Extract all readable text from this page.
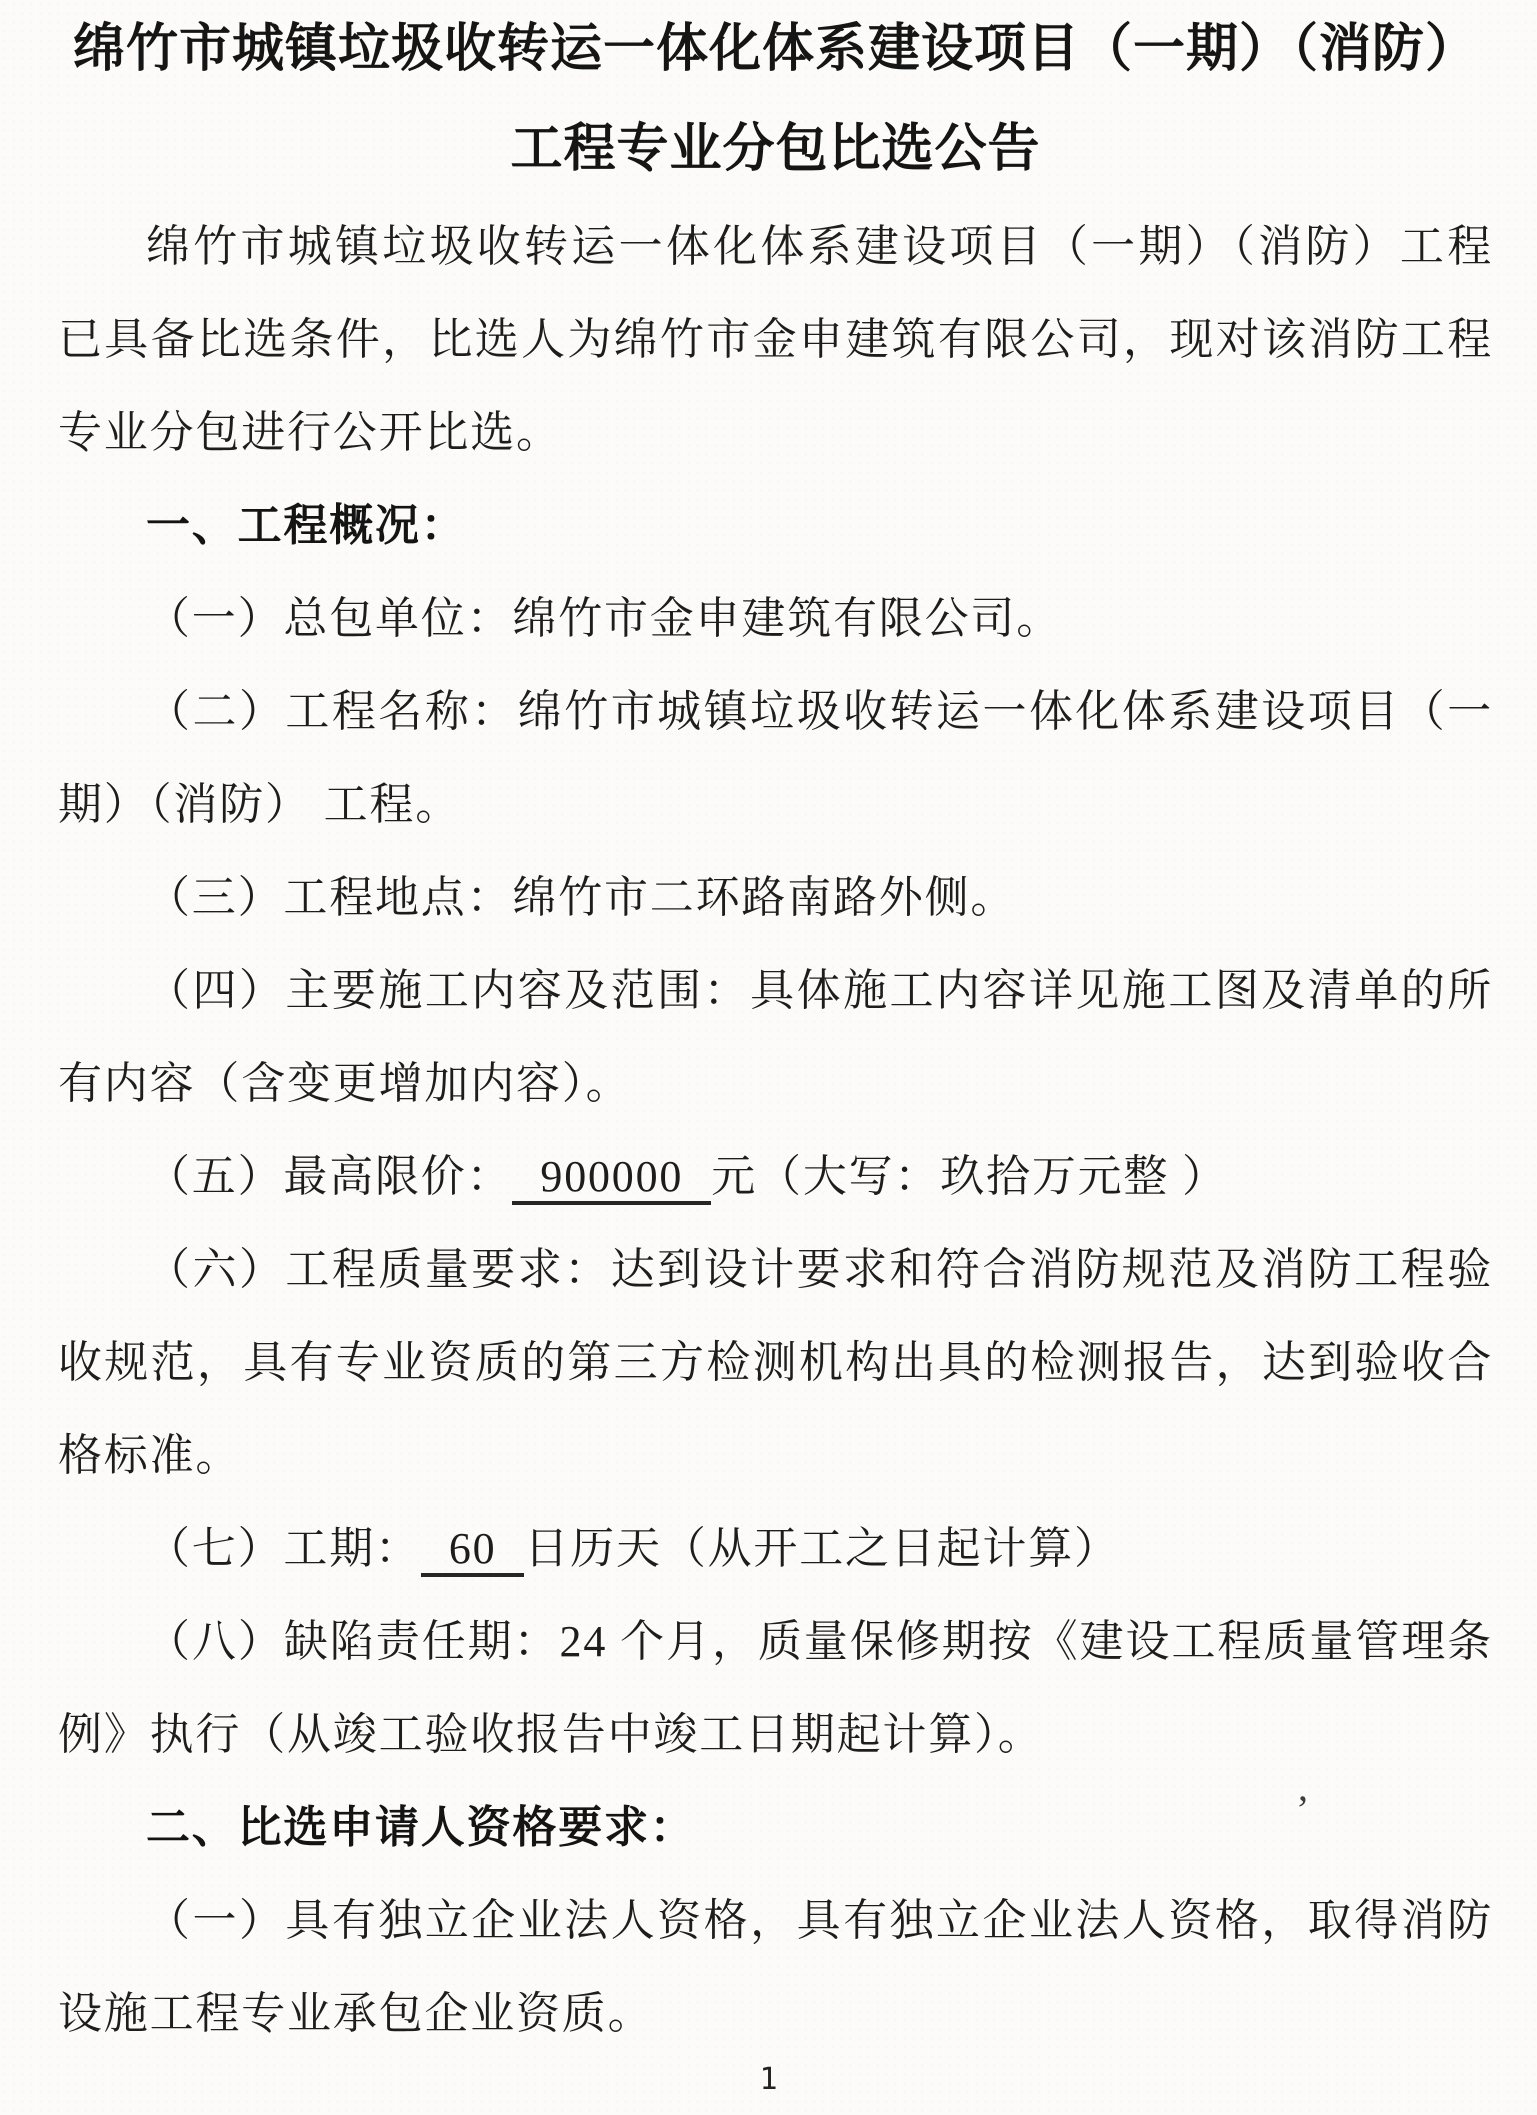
绵竹市城镇垃圾收转运一体化体系建设项目（一期）（消防）
工程专业分包比选公告

绵竹市城镇垃圾收转运一体化体系建设项目（一期）（消防）工程已具备比选条件，比选人为绵竹市金申建筑有限公司，现对该消防工程专业分包进行公开比选。

一、工程概况：

（一）总包单位：绵竹市金申建筑有限公司。

（二）工程名称：绵竹市城镇垃圾收转运一体化体系建设项目（一期）（消防） 工程。

（三）工程地点：绵竹市二环路南路外侧。

（四）主要施工内容及范围：具体施工内容详见施工图及清单的所有内容（含变更增加内容）。

（五）最高限价： 900000 元（大写：玖拾万元整 ）

（六）工程质量要求：达到设计要求和符合消防规范及消防工程验收规范，具有专业资质的第三方检测机构出具的检测报告，达到验收合格标准。

（七）工期： 60 日历天（从开工之日起计算）

（八）缺陷责任期：24 个月，质量保修期按《建设工程质量管理条例》执行（从竣工验收报告中竣工日期起计算）。

二、比选申请人资格要求：

（一）具有独立企业法人资格，具有独立企业法人资格，取得消防设施工程专业承包企业资质。

’
1
